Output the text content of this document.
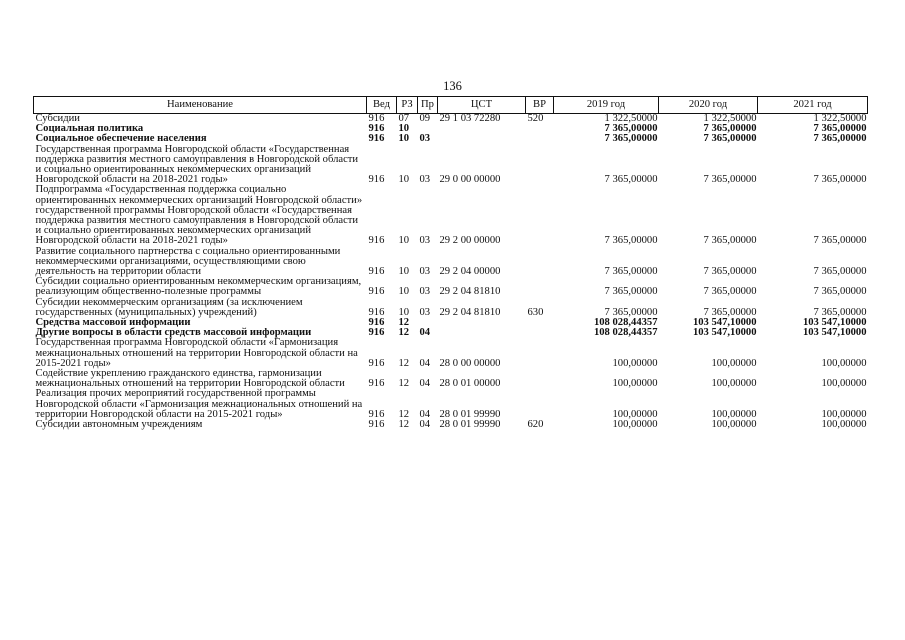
136
Наименование	Вед	РЗ	Пр	ЦСТ	ВР	2019 год	2020 год	2021 год
Субсидии	916	07	09	29 1 03 72280	520	1 322,50000	1 322,50000	1 322,50000
Социальная политика	916	10				7 365,00000	7 365,00000	7 365,00000
Социальное обеспечение населения	916	10	03			7 365,00000	7 365,00000	7 365,00000
Государственная программа Новгородской области «Государственная поддержка развития местного самоуправления в Новгородской области и социально ориентированных некоммерческих организаций Новгородской области на 2018-2021 годы»	916	10	03	29 0 00 00000		7 365,00000	7 365,00000	7 365,00000
Подпрограмма «Государственная поддержка социально ориентированных некоммерческих организаций Новгородской области» государственной программы Новгородской области «Государственная поддержка развития местного самоуправления в Новгородской области и социально ориентированных некоммерческих организаций Новгородской области на 2018-2021 годы»	916	10	03	29 2 00 00000		7 365,00000	7 365,00000	7 365,00000
Развитие социального партнерства с социально ориентированными некоммерческими организациями, осуществляющими свою деятельность на территории области	916	10	03	29 2 04 00000		7 365,00000	7 365,00000	7 365,00000
Субсидии социально ориентированным некоммерческим организациям, реализующим общественно-полезные программы	916	10	03	29 2 04 81810		7 365,00000	7 365,00000	7 365,00000
Субсидии некоммерческим организациям (за исключением государственных (муниципальных) учреждений)	916	10	03	29 2 04 81810	630	7 365,00000	7 365,00000	7 365,00000
Средства массовой информации	916	12				108 028,44357	103 547,10000	103 547,10000
Другие вопросы в области средств массовой информации	916	12	04			108 028,44357	103 547,10000	103 547,10000
Государственная программа Новгородской области «Гармонизация межнациональных отношений на территории Новгородской области на 2015-2021 годы»	916	12	04	28 0 00 00000		100,00000	100,00000	100,00000
Содействие укреплению гражданского единства, гармонизации межнациональных отношений на территории Новгородской области	916	12	04	28 0 01 00000		100,00000	100,00000	100,00000
Реализация прочих мероприятий государственной программы Новгородской области «Гармонизация межнациональных отношений на территории Новгородской области на 2015-2021 годы»	916	12	04	28 0 01 99990		100,00000	100,00000	100,00000
Субсидии автономным учреждениям	916	12	04	28 0 01 99990	620	100,00000	100,00000	100,00000
